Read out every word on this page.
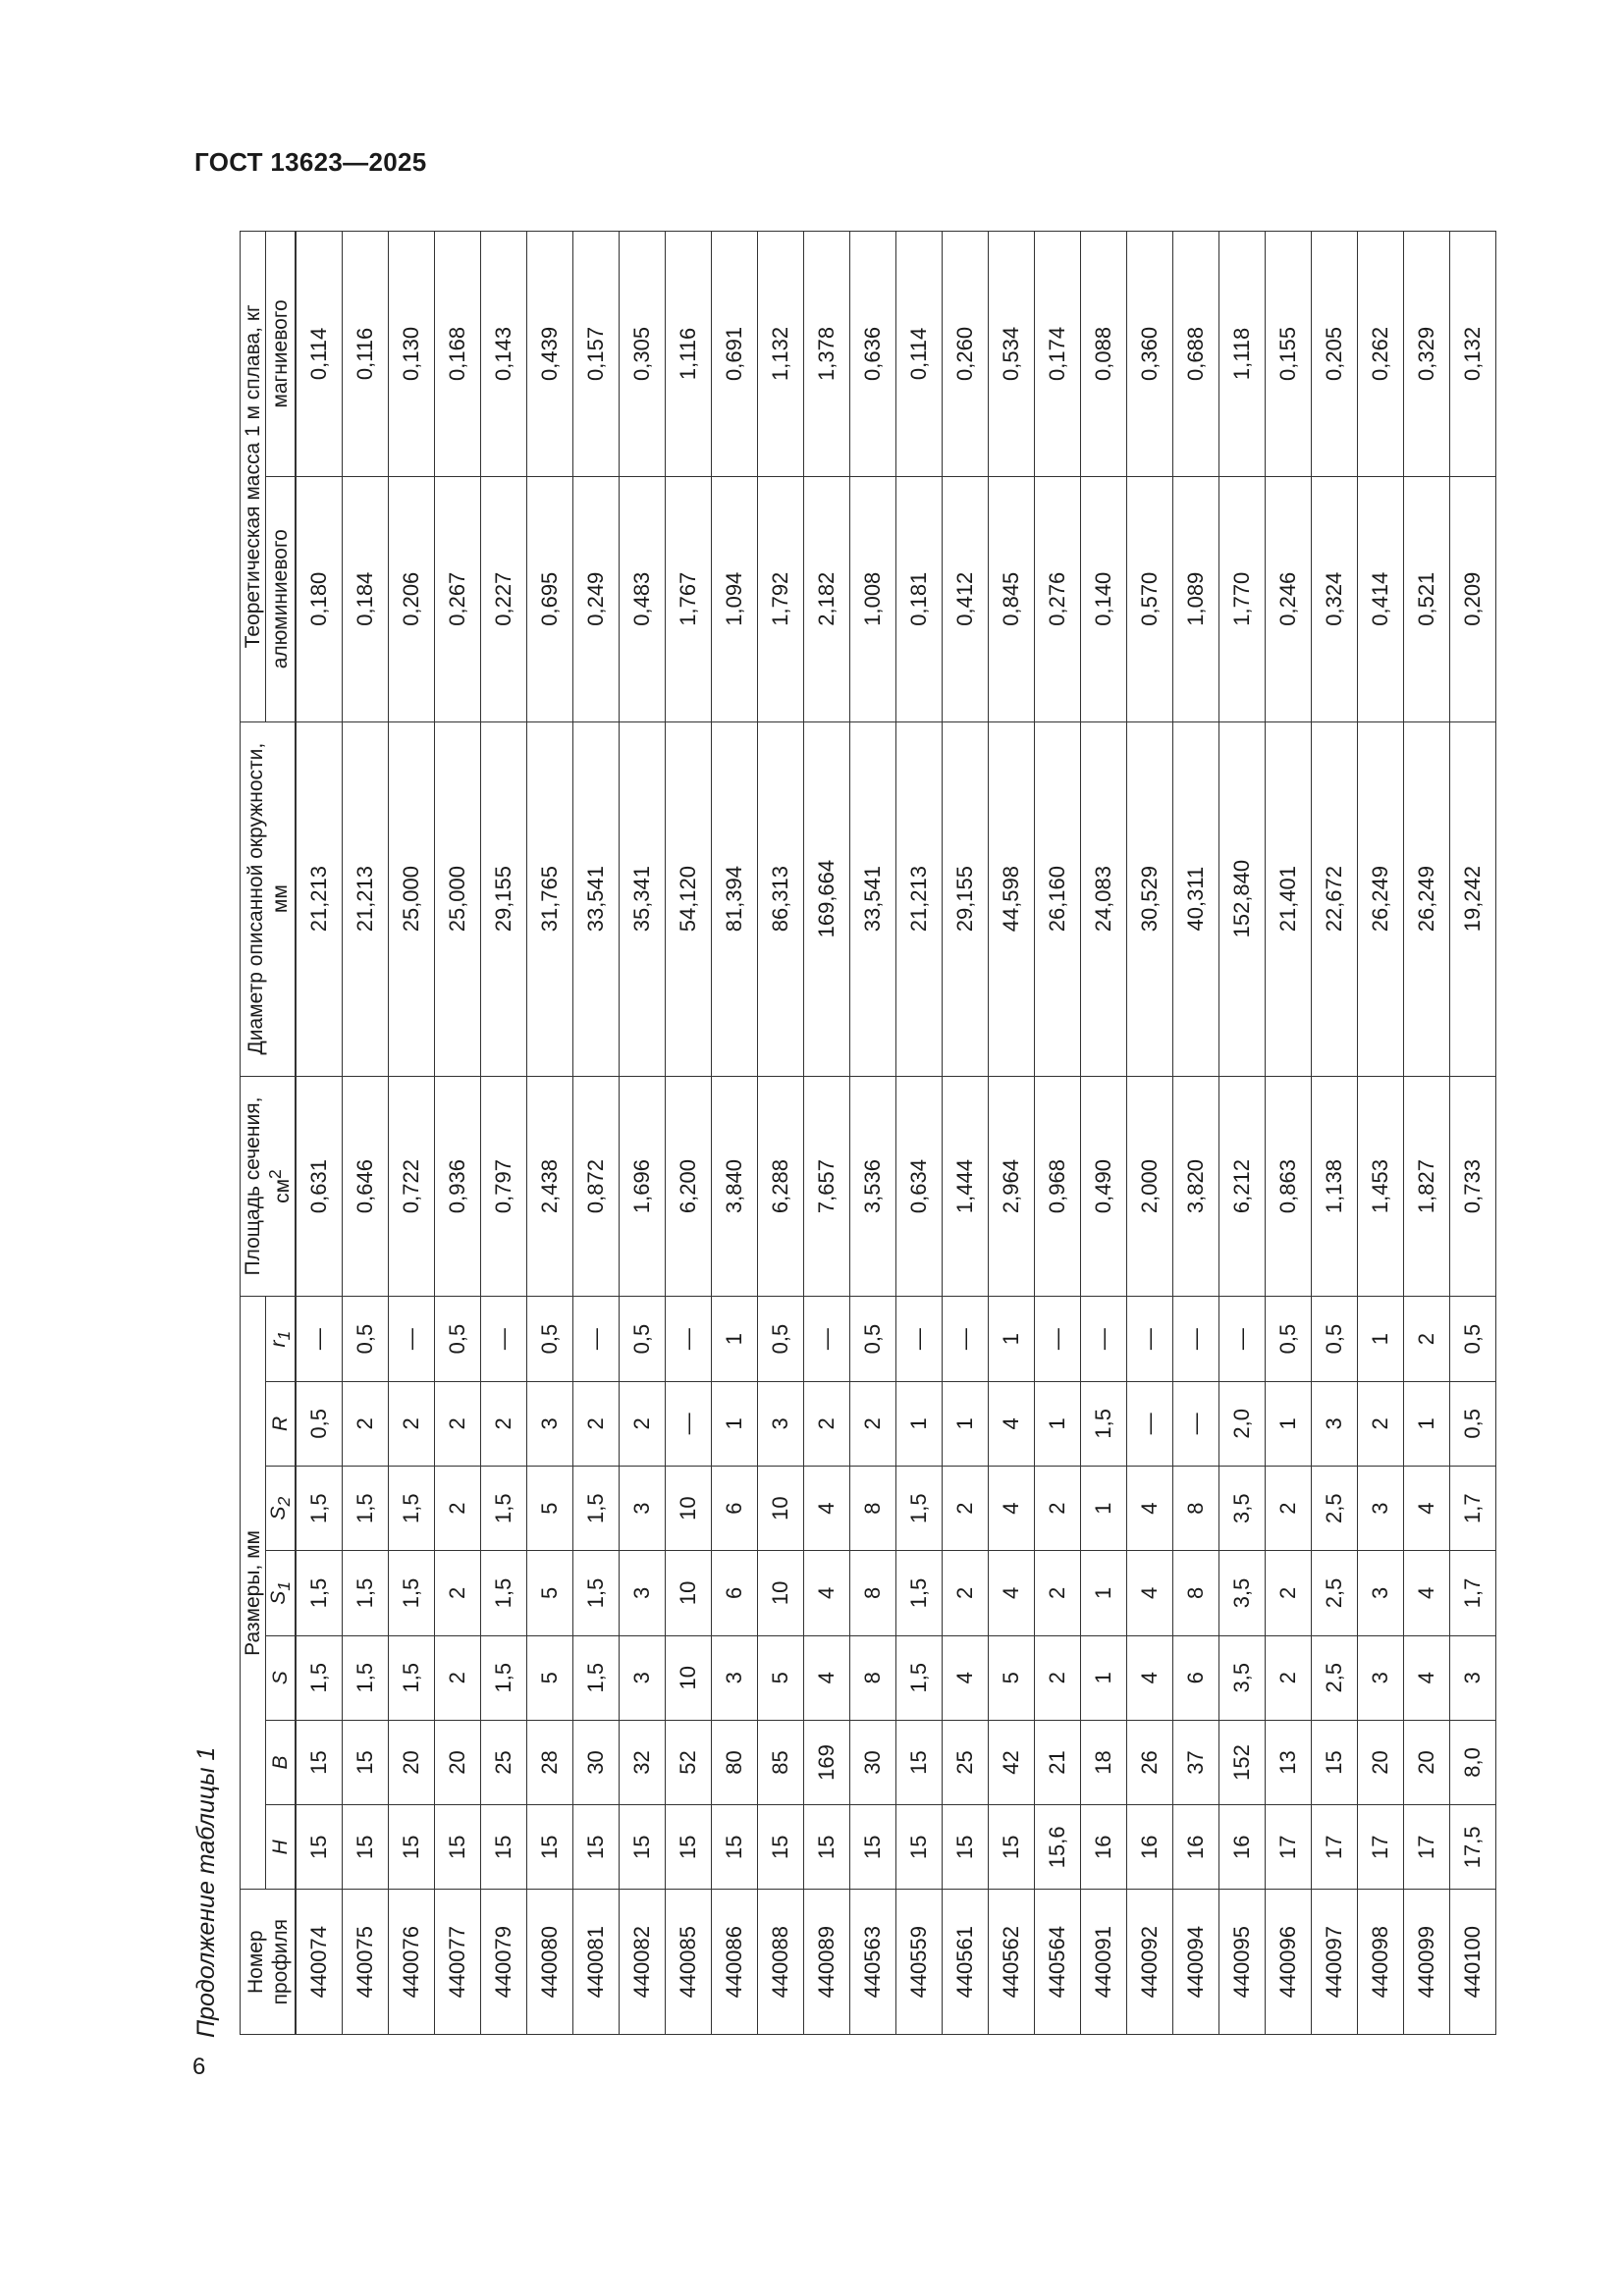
ГОСТ 13623—2025
Продолжение таблицы 1
6
Номер профиля	Размеры, мм							Площадь сечения, $см^2$	Диаметр описанной окружности, мм	Теоретическая масса 1 м сплава, кг	
	H	B	S	$S_1$	$S_2$	R	$r_1$			алюминиевого	магниевого
440074	15	15	1,5	1,5	1,5	0,5	—	0,631	21,213	0,180	0,114
440075	15	15	1,5	1,5	1,5	2	0,5	0,646	21,213	0,184	0,116
440076	15	20	1,5	1,5	1,5	2	—	0,722	25,000	0,206	0,130
440077	15	20	2	2	2	2	0,5	0,936	25,000	0,267	0,168
440079	15	25	1,5	1,5	1,5	2	—	0,797	29,155	0,227	0,143
440080	15	28	5	5	5	3	0,5	2,438	31,765	0,695	0,439
440081	15	30	1,5	1,5	1,5	2	—	0,872	33,541	0,249	0,157
440082	15	32	3	3	3	2	0,5	1,696	35,341	0,483	0,305
440085	15	52	10	10	10	—	—	6,200	54,120	1,767	1,116
440086	15	80	3	6	6	1	1	3,840	81,394	1,094	0,691
440088	15	85	5	10	10	3	0,5	6,288	86,313	1,792	1,132
440089	15	169	4	4	4	2	—	7,657	169,664	2,182	1,378
440563	15	30	8	8	8	2	0,5	3,536	33,541	1,008	0,636
440559	15	15	1,5	1,5	1,5	1	—	0,634	21,213	0,181	0,114
440561	15	25	4	2	2	1	—	1,444	29,155	0,412	0,260
440562	15	42	5	4	4	4	1	2,964	44,598	0,845	0,534
440564	15,6	21	2	2	2	1	—	0,968	26,160	0,276	0,174
440091	16	18	1	1	1	1,5	—	0,490	24,083	0,140	0,088
440092	16	26	4	4	4	—	—	2,000	30,529	0,570	0,360
440094	16	37	6	8	8	—	—	3,820	40,311	1,089	0,688
440095	16	152	3,5	3,5	3,5	2,0	—	6,212	152,840	1,770	1,118
440096	17	13	2	2	2	1	0,5	0,863	21,401	0,246	0,155
440097	17	15	2,5	2,5	2,5	3	0,5	1,138	22,672	0,324	0,205
440098	17	20	3	3	3	2	1	1,453	26,249	0,414	0,262
440099	17	20	4	4	4	1	2	1,827	26,249	0,521	0,329
440100	17,5	8,0	3	1,7	1,7	0,5	0,5	0,733	19,242	0,209	0,132
